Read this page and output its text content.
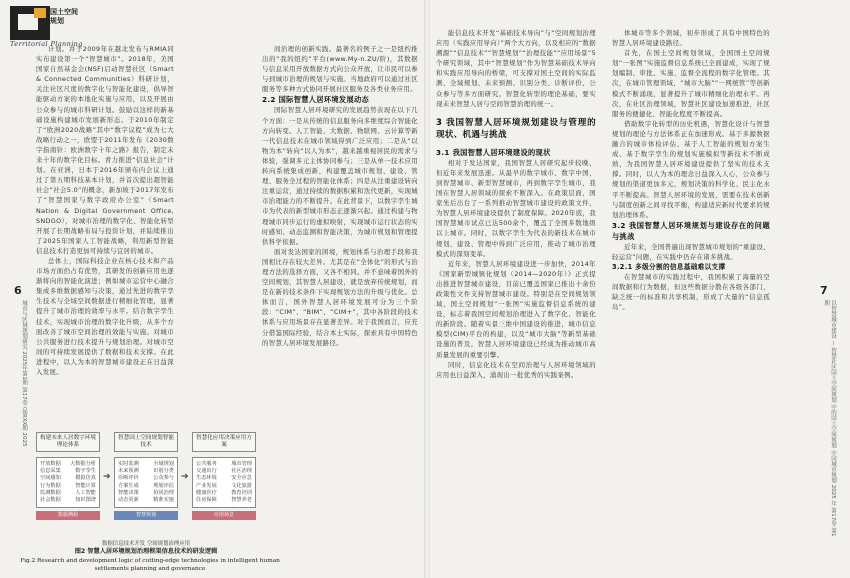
国土空间
规划
Territorial Planning
城市与区域规划研究 2025年第1期 第17卷 总第XX期 2025
6
以智慧城市建设 — 智慧社区国土空间规划 中的国土空间规划 中国城市规划 2025 年 第17卷 第1期
7

计划。并于2009年在越北发布与RMIA同实布建设第一个“智慧城市”。2018年，美国国家自然基金会(NSF)启动智慧社区（Smart & Connected Communities）科研计划，关注社区尺度的数字化与智能化建设，倡导智能驱动方案的本地化实施与应用，以及开展由公众参与的城市科研计划。鼓励以这样的新基础设施构建城市发展新形态。于2010年制定了“欧洲2020战略”其中“数字议程”成为七大战略行动之一，欧盟于2011年发布《2030数字指南针：欧洲数字十年之路》报告，制定未来十年的数字化目标。青力推进“信息社会”计划。在亚洲，日本于2016年颁布内会议上通过了第五期科技基本计划，并首次提出超智能社会“社会5.0”的概念，新加坡于2017年发布了“智慧国家与数字政府办公室”（Smart Nation & Digital Government Office, SNDGO），对城市治理的数字化、智能化转型开展了长期战略布局与投资计划，并陆续推出了2025年国家人工智能战略，利用新型智能信息技术打造更加可持续与宜居的城市。

总体上，国际科技企业在核心技术和产品市场方面仍占有优势，其研发的创新应用也逐渐将向的智能化演进；例如城市运营中心融合集成多维数据感知与决策，通过先进的数字孪生技术与全域空间数据进行精细化管理，显著提升了城市治理的效率与水平。结合数字孪生技术，实现城市治理的数字化升级，从多个方面改善了城市空间治理的效能与实施。对城市公共服务进行技术提升与规划治理。对城市空间的可持续发展提供了数据和技术支撑。在此进程中，以人为本的智慧城市建设正在日益深入发展。

间治理的创新实践。最著名的例子之一是纽约推出的“我的纽约”平台(www.My-n.ZU/阶)，其数据与信息采用开放数据方式向公众开放，让市民可以参与到城市治理的规划与实施。当地政府可以通过社区服务等多种方式协同开展社区服务及各类业务应用。

2.2 国际智慧人居环境发展动态

国际智慧人居环境研究的发展趋势表现在以下几个方面：一是从传统的信息服务向多维度综合智能化方向转变。人工智能、大数据、物联网、云计算等新一代信息技术在城市领域得到广泛应用；二是从“以物为本”转向“以人为本”，越来越重视居民的需求与体验，强调多元主体协同参与；三是从单一技术应用转向系统集成创新，构建覆盖城市规划、建设、管理、服务全过程的智能化体系；四是从注重建设转向注重运营，通过持续的数据积累和迭代更新，实现城市治理能力的不断提升。在此背景下，以数字孪生城市为代表的新型城市形态正逐渐兴起。通过构建与物理城市同步运行的虚拟映射，实现城市运行状态的实时感知、动态监测和智能决策，为城市规划和管理提供科学依据。

面对发达国家的困境，规划体系与治理手段和我国相比存在较大差异。尤其是在“全体化”的形式与治理方法的选择方面，又各不相同。并不意味着国外的空间规划，其智慧人居建设，就是放弃传统规划，而是在新的技术条件下实现规划方法的升级与优化。总体而言，国外智慧人居环境发展可分为三个阶段：“CIM”、“BIM”、“CIM+”，其中各阶段的技术体系与应用场景存在显著差异。对于我国而言，应充分借鉴国际经验，结合本土实际，探索具有中国特色的智慧人居环境发展路径。

构建未来人居数字环境理论体系
开放数据 大数据分析
信息采集	数字孪生
空间感知	模拟仿真
行为数据	智能计算
监测数据	人工智能
社会数据	知识图谱
数据溯源
➔
智慧国土空间规划智能技术
实时监测	全域规划
未来预测	识别分类
诊断评价	公众参与
方案生成	规划评估
智能决策	协同治理
动态更新	精准实施
智慧规划
➔
智慧化应用决策应用方案
公共服务	城市管理
交通出行	社区治理
生态环境	安全应急
产业发展	文化旅游
健康医疗	教育培训
住房保障	智慧养老
应用场景
数据信息技术开发 空间规划治理应用
图2 智慧人居环境规划治理框架信息技术的研发逻辑
Fig.2 Research and development logic of cutting-edge technologies in intelligent human settlements planning and governance

能信息技术开发“基础技术导向”与“空间规划治理应用（实践应用导向）”两个大方向，以及相应的“数据溯源”“信息技术”“智慧规划”“治理技能”“应用场景”5个研究领域，其中“智慧规划”作为智慧基础技术导向和实践应用导向的桥梁，可支撑对国土空间的实际监测、全域规划、未来预测、识别分类、诊断评价、公众参与等多方面研究。智慧化转型的理论基础，要实现未来智慧人居与空间智慧治理的统一。

3 我国智慧人居环境规划建设与管理的现状、机遇与挑战

3.1 我国智慧人居环境建设的现状

相对于发达国家，我国智慧人居研究起步较晚，但近年来发展迅速。从最早的数字城市、数字中国，到智慧城市、新型智慧城市，再到数字孪生城市，我国在智慧人居领域的探索不断深入。在政策层面，国家先后出台了一系列推动智慧城市建设的政策文件，为智慧人居环境建设提供了制度保障。2020年底，我国智慧城市试点已达500余个，覆盖了全国多数地级以上城市。同时，以数字孪生为代表的新技术在城市规划、建设、管理中得到广泛应用，推动了城市治理模式的深刻变革。

近年来，智慧人居环境建设进一步加快，2014年《国家新型城镇化规划（2014—2020年）》正式提出推进智慧城市建设，目前已覆盖国家已推出十余份政策性文件支持智慧城市建设。特别是在空间规划领域，国土空间规划“一张图”实施监督信息系统的建设，标志着我国空间规划治理进入了数字化、智能化的新阶段。随着实景三维中国建设的推进，城市信息模型(CIM)平台的构建，以及“城市大脑”等新型基础设施的普及，智慧人居环境建设已经成为推动城市高质量发展的重要引擎。

同时，信息化技术在空间治理与人居环境领域的应用也日益深入，涌现出一批优秀的实践案例。

体城市等多个领域，初步形成了具有中国特色的智慧人居环境建设路径。

首先，在国土空间规划领域，全国国土空间规划“一张图”实施监督信息系统已全面建成，实现了规划编制、审批、实施、监督全流程的数字化管理。其次，在城市管理领域，“城市大脑”“一网统管”等创新模式不断涌现，显著提升了城市精细化治理水平。再次，在社区治理领域，智慧社区建设加速推进，社区服务的便捷化、智能化程度不断提高。

借助数字化转型的历史机遇，智慧化设计与智慧规划的理论与方法体系正在加速形成。基于多源数据融合的城市体检评估、基于人工智能的规划方案生成、基于数字孪生的规划实施模拟等新技术不断成熟，为我国智慧人居环境建设提供了坚实的技术支撑。同时，以人为本的理念日益深入人心，公众参与规划的渠道更加多元，规划决策的科学化、民主化水平不断提高。智慧人居环境的发展，需要在技术创新与制度创新之间寻找平衡，构建适应新时代要求的规划治理体系。

3.2 我国智慧人居环境规划与建设存在的问题与挑战

近年来，全国普遍出现智慧城市规划的“重建设、轻运营”问题，在实践中仍存在诸多挑战。

3.2.1 多级分割的信息基础难以支撑

在智慧城市的实践过程中，我国积累了海量的空间数据和行为数据，但这些数据分散在各级各部门，缺乏统一的标准和共享机制，形成了大量的“信息孤岛”。
